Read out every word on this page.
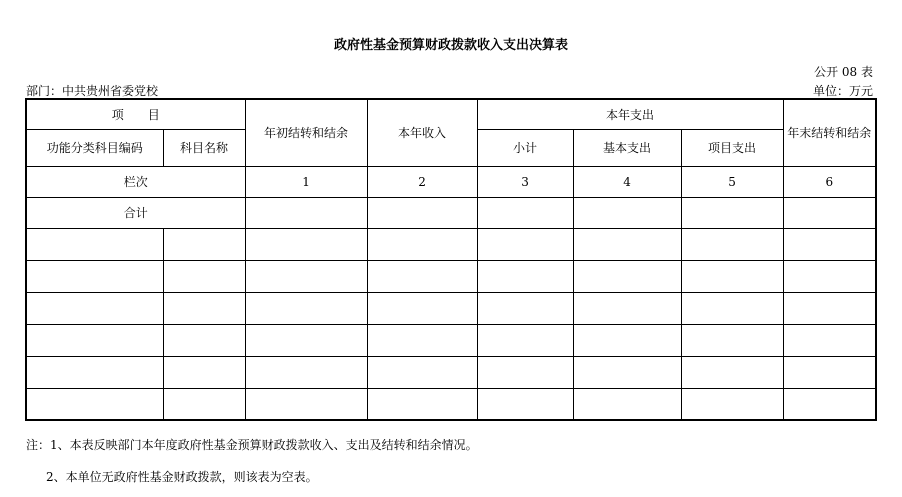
政府性基金预算财政拨款收入支出决算表
公开 08 表
部门：中共贵州省委党校	单位：万元
项　　目		年初结转和结余	本年收入	本年支出			年末结转和结余
功能分类科目编码	科目名称			小计	基本支出	项目支出	
栏次		1	2	3	4	5	6
合计							

注：1、本表反映部门本年度政府性基金预算财政拨款收入、支出及结转和结余情况。
2、本单位无政府性基金财政拨款，则该表为空表。
